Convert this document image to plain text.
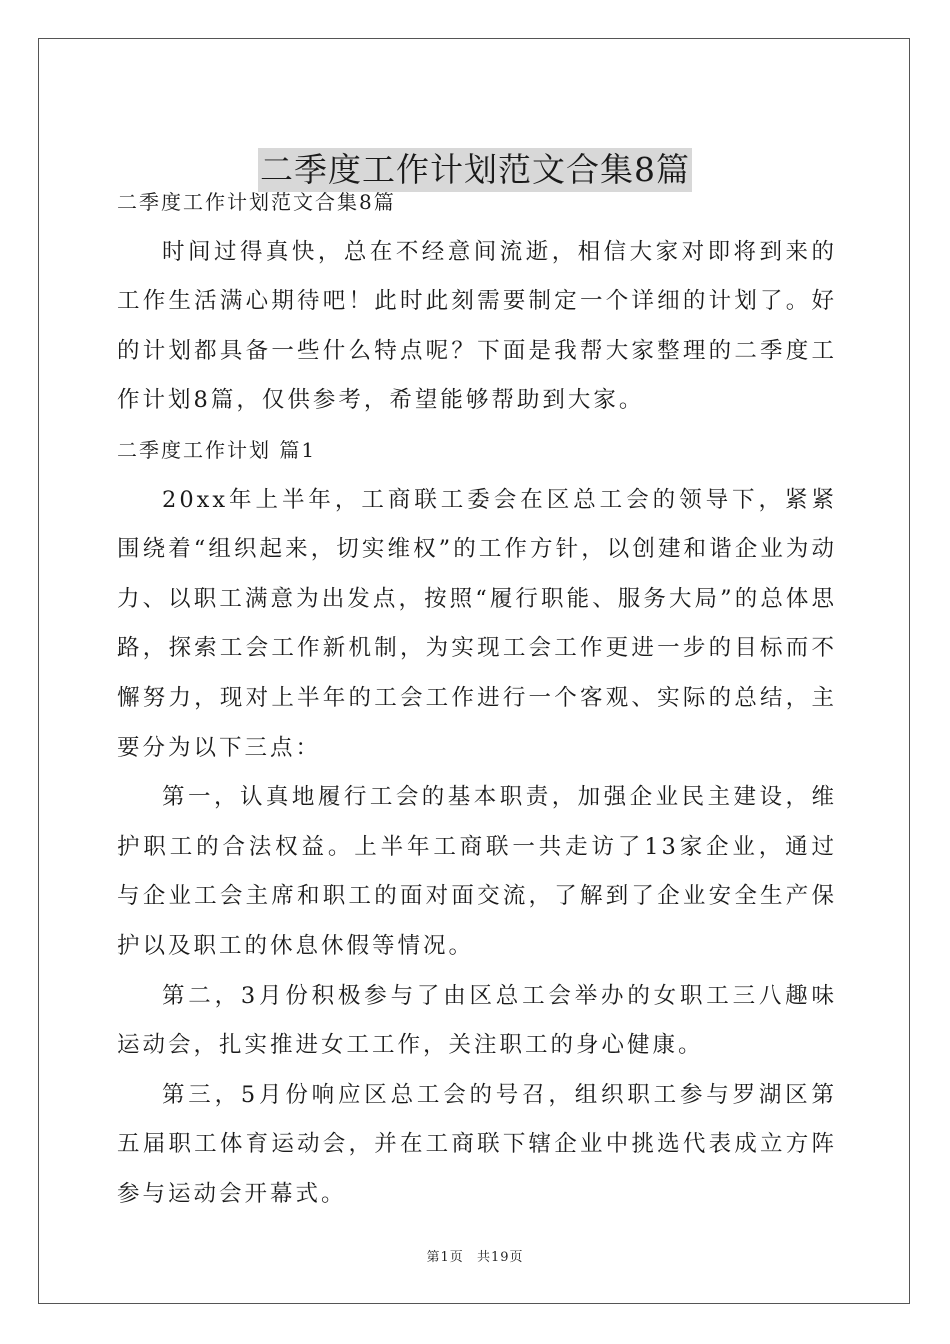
二季度工作计划范文合集8篇

二季度工作计划范文合集8篇

时间过得真快，总在不经意间流逝，相信大家对即将到来的工作生活满心期待吧！此时此刻需要制定一个详细的计划了。好的计划都具备一些什么特点呢？下面是我帮大家整理的二季度工作计划8篇，仅供参考，希望能够帮助到大家。

二季度工作计划 篇1

20xx年上半年，工商联工委会在区总工会的领导下，紧紧围绕着“组织起来，切实维权”的工作方针，以创建和谐企业为动力、以职工满意为出发点，按照“履行职能、服务大局”的总体思路，探索工会工作新机制，为实现工会工作更进一步的目标而不懈努力，现对上半年的工会工作进行一个客观、实际的总结，主要分为以下三点：

第一，认真地履行工会的基本职责，加强企业民主建设，维护职工的合法权益。上半年工商联一共走访了13家企业，通过与企业工会主席和职工的面对面交流，了解到了企业安全生产保护以及职工的休息休假等情况。

第二，3月份积极参与了由区总工会举办的女职工三八趣味运动会，扎实推进女工工作，关注职工的身心健康。

第三，5月份响应区总工会的号召，组织职工参与罗湖区第五届职工体育运动会，并在工商联下辖企业中挑选代表成立方阵参与运动会开幕式。

第1页 共19页
